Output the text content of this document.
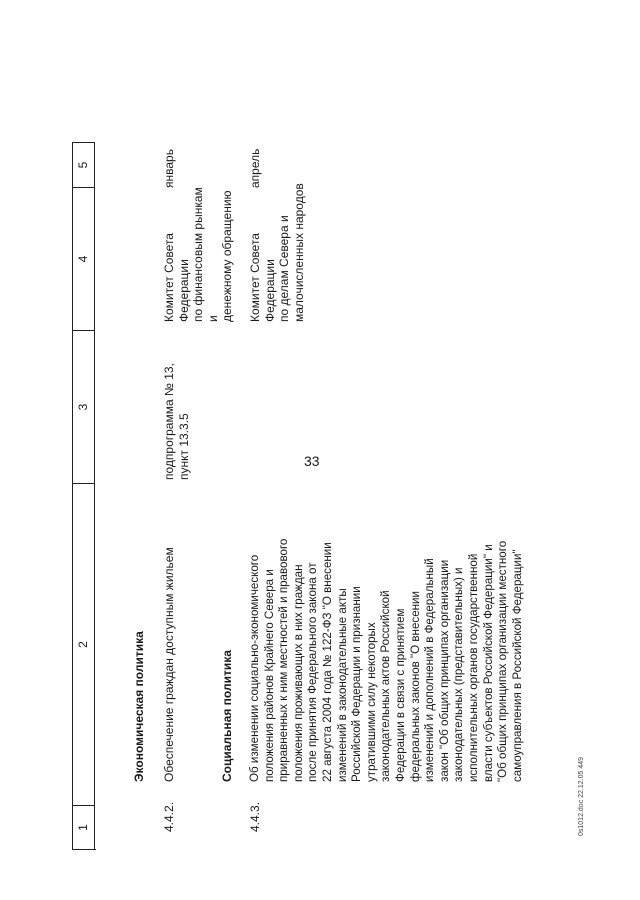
33
1
2
3
4
5
Экономическая политика	Социальная политика
4.4.2.
Обеспечение граждан доступным жильем
подпрограмма № 13,
пункт 13.3.5
Комитет Совета Федерации
по финансовым рынкам и
денежному обращению
январь
4.4.3.
Об изменении социально-экономического
положения районов Крайнего Севера и
приравненных к ним местностей и правового
положения проживающих в них граждан
после принятия Федерального закона от
22 августа 2004 года № 122-ФЗ "О внесении
изменений в законодательные акты
Российской Федерации и признании
утратившими силу некоторых
законодательных актов Российской
Федерации в связи с принятием
федеральных законов "О внесении
изменений и дополнений в Федеральный
закон "Об общих принципах организации
законодательных (представительных) и
исполнительных органов государственной
власти субъектов Российской Федерации" и
"Об общих принципах организации местного
самоуправления в Российской Федерации"
Комитет Совета Федерации
по делам Севера и
малочисленных народов
апрель
0s1012.doc 22.12.05 449
